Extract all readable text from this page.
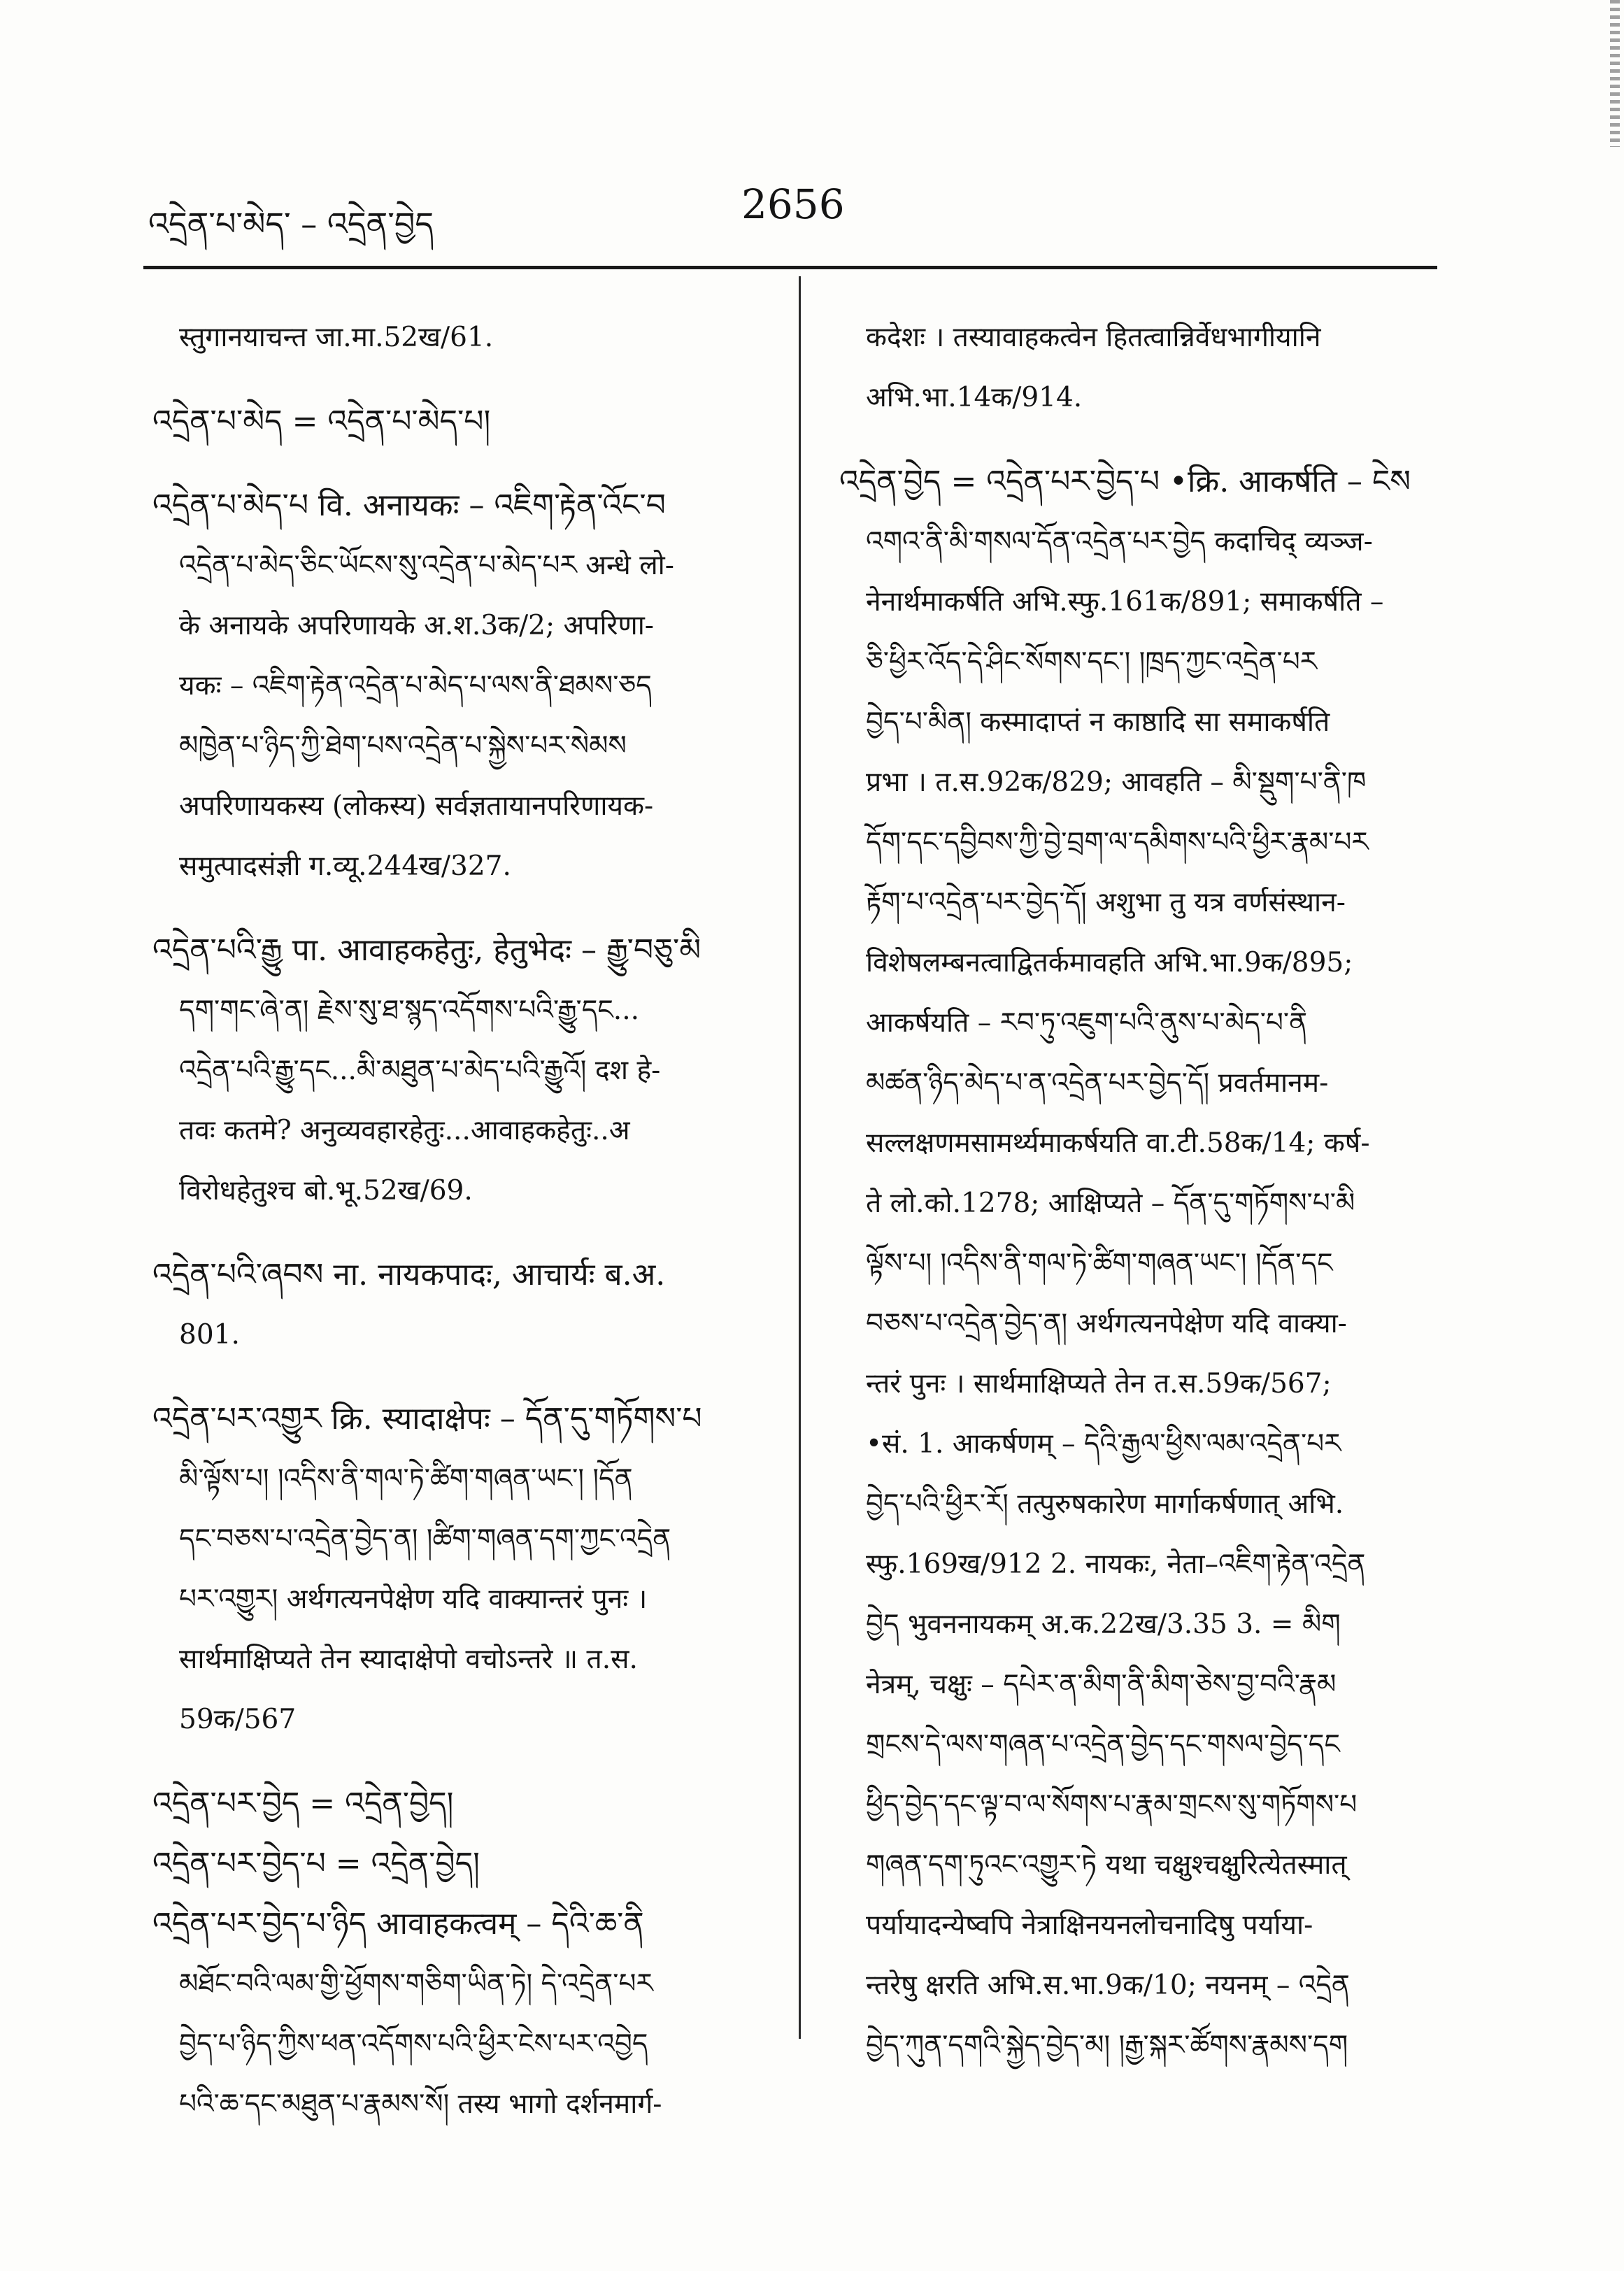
འདྲེན་པ་མེད་ – འདྲེན་བྱེད	2656
स्तुगानयाचन्त जा.मा.52ख/61.
འདྲེན་པ་མེད = འདྲེན་པ་མེད་པ།
འདྲེན་པ་མེད་པ वि. अनायकः – འཇིག་རྟེན་འོང་བ
འདྲེན་པ་མེད་ཅིང་ཡོངས་སུ་འདྲེན་པ་མེད་པར अन्धे लो-
के अनायके अपरिणायके अ.श.3क/2; अपरिणा-
यकः – འཇིག་རྟེན་འདྲེན་པ་མེད་པ་ལས་ནི་ཐམས་ཅད
མཁྱེན་པ་ཉིད་ཀྱི་ཐེག་པས་འདྲེན་པ་སྐྱེས་པར་སེམས
अपरिणायकस्य (लोकस्य) सर्वज्ञतायानपरिणायक-
समुत्पादसंज्ञी ग.व्यू.244ख/327.
འདྲེན་པའི་རྒྱུ पा. आवाहकहेतुः, हेतुभेदः – རྒྱུ་བཅུ་མི
དག་གང་ཞེ་ན། རྗེས་སུ་ཐ་སྙད་འདོགས་པའི་རྒྱུ་དང...
འདྲེན་པའི་རྒྱུ་དང...མི་མཐུན་པ་མེད་པའི་རྒྱུའོ། दश हे-
तवः कतमे? अनुव्यवहारहेतुः...आवाहकहेतुः..अ
विरोधहेतुश्च बो.भू.52ख/69.
འདྲེན་པའི་ཞབས ना. नायकपादः, आचार्यः ब.अ.
801.
འདྲེན་པར་འགྱུར क्रि. स्यादाक्षेपः – དོན་དུ་གཏོགས་པ
མི་ལྟོས་པ། །འདིས་ནི་གལ་ཏེ་ཚིག་གཞན་ཡང་། །དོན
དང་བཅས་པ་འདྲེན་བྱེད་ན། །ཚིག་གཞན་དག་ཀྱང་འདྲེན
པར་འགྱུར། अर्थगत्यनपेक्षेण यदि वाक्यान्तरं पुनः ।
सार्थमाक्षिप्यते तेन स्यादाक्षेपो वचोऽन्तरे ॥ त.स.
59क/567
འདྲེན་པར་བྱེད = འདྲེན་བྱེད།
འདྲེན་པར་བྱེད་པ = འདྲེན་བྱེད།
འདྲེན་པར་བྱེད་པ་ཉིད आवाहकत्वम् – དེའི་ཆ་ནི
མཐོང་བའི་ལམ་གྱི་ཕྱོགས་གཅིག་ཡིན་ཏེ། དེ་འདྲེན་པར
བྱེད་པ་ཉིད་ཀྱིས་ཕན་འདོགས་པའི་ཕྱིར་ངེས་པར་འབྱེད
པའི་ཆ་དང་མཐུན་པ་རྣམས་སོ། तस्य भागो दर्शनमार्ग-
कदेशः । तस्यावाहकत्वेन हितत्वान्निर्वेधभागीयानि
अभि.भा.14क/914.
འདྲེན་བྱེད = འདྲེན་པར་བྱེད་པ •क्रि. आकर्षति – ངེས
འགའ་ནི་མི་གསལ་དོན་འདྲེན་པར་བྱེད कदाचिद् व्यञ्ज-
नेनार्थमाकर्षति अभि.स्फु.161क/891; समाकर्षति –
ཅི་ཕྱིར་འོད་དེ་ཤིང་སོགས་དང་། །ཁྲད་ཀྱང་འདྲེན་པར
བྱེད་པ་མིན། कस्मादाप्तं न काष्ठादि सा समाकर्षति
प्रभा । त.स.92क/829; आवहति – མི་སྡུག་པ་ནི་ཁ
དོག་དང་དབྱིབས་ཀྱི་བྱེ་བྲག་ལ་དམིགས་པའི་ཕྱིར་རྣམ་པར
རྟོག་པ་འདྲེན་པར་བྱེད་དོ། अशुभा तु यत्र वर्णसंस्थान-
विशेषलम्बनत्वाद्वितर्कमावहति अभि.भा.9क/895;
आकर्षयति – རབ་ཏུ་འཇུག་པའི་ནུས་པ་མེད་པ་ནི
མཚན་ཉིད་མེད་པ་ན་འདྲེན་པར་བྱེད་དོ། प्रवर्तमानम-
सल्लक्षणमसामर्थ्यमाकर्षयति वा.टी.58क/14; कर्ष-
ते लो.को.1278; आक्षिप्यते – དོན་དུ་གཏོགས་པ་མི
ལྟོས་པ། །འདིས་ནི་གལ་ཏེ་ཚིག་གཞན་ཡང་། །དོན་དང
བཅས་པ་འདྲེན་བྱེད་ན། अर्थगत्यनपेक्षेण यदि वाक्या-
न्तरं पुनः । सार्थमाक्षिप्यते तेन त.स.59क/567;
•सं. 1. आकर्षणम् – དེའི་རྒྱལ་ཕྱིས་ལམ་འདྲེན་པར
བྱེད་པའི་ཕྱིར་རོ། तत्पुरुषकारेण मार्गाकर्षणात् अभि.
स्फु.169ख/912 2. नायकः, नेता–འཇིག་རྟེན་འདྲེན
བྱེད भुवननायकम् अ.क.22ख/3.35 3. = མིག
नेत्रम्, चक्षुः – དཔེར་ན་མིག་ནི་མིག་ཅེས་བྱ་བའི་རྣམ
གྲངས་དེ་ལས་གཞན་པ་འདྲེན་བྱེད་དང་གསལ་བྱེད་དང
ཕྱིད་བྱེད་དང་ལྟ་བ་ལ་སོགས་པ་རྣམ་གྲངས་སུ་གཏོགས་པ
གཞན་དག་ཏུའང་འགྱུར་ཏེ यथा चक्षुश्चक्षुरित्येतस्मात्
पर्यायादन्येष्वपि नेत्राक्षिनयनलोचनादिषु पर्याया-
न्तरेषु क्षरति अभि.स.भा.9क/10; नयनम् – འདྲེན
བྱེད་ཀུན་དགའི་སྐྱེད་བྱེད་མ། །རྒྱ་སྐར་ཚོགས་རྣམས་དག
